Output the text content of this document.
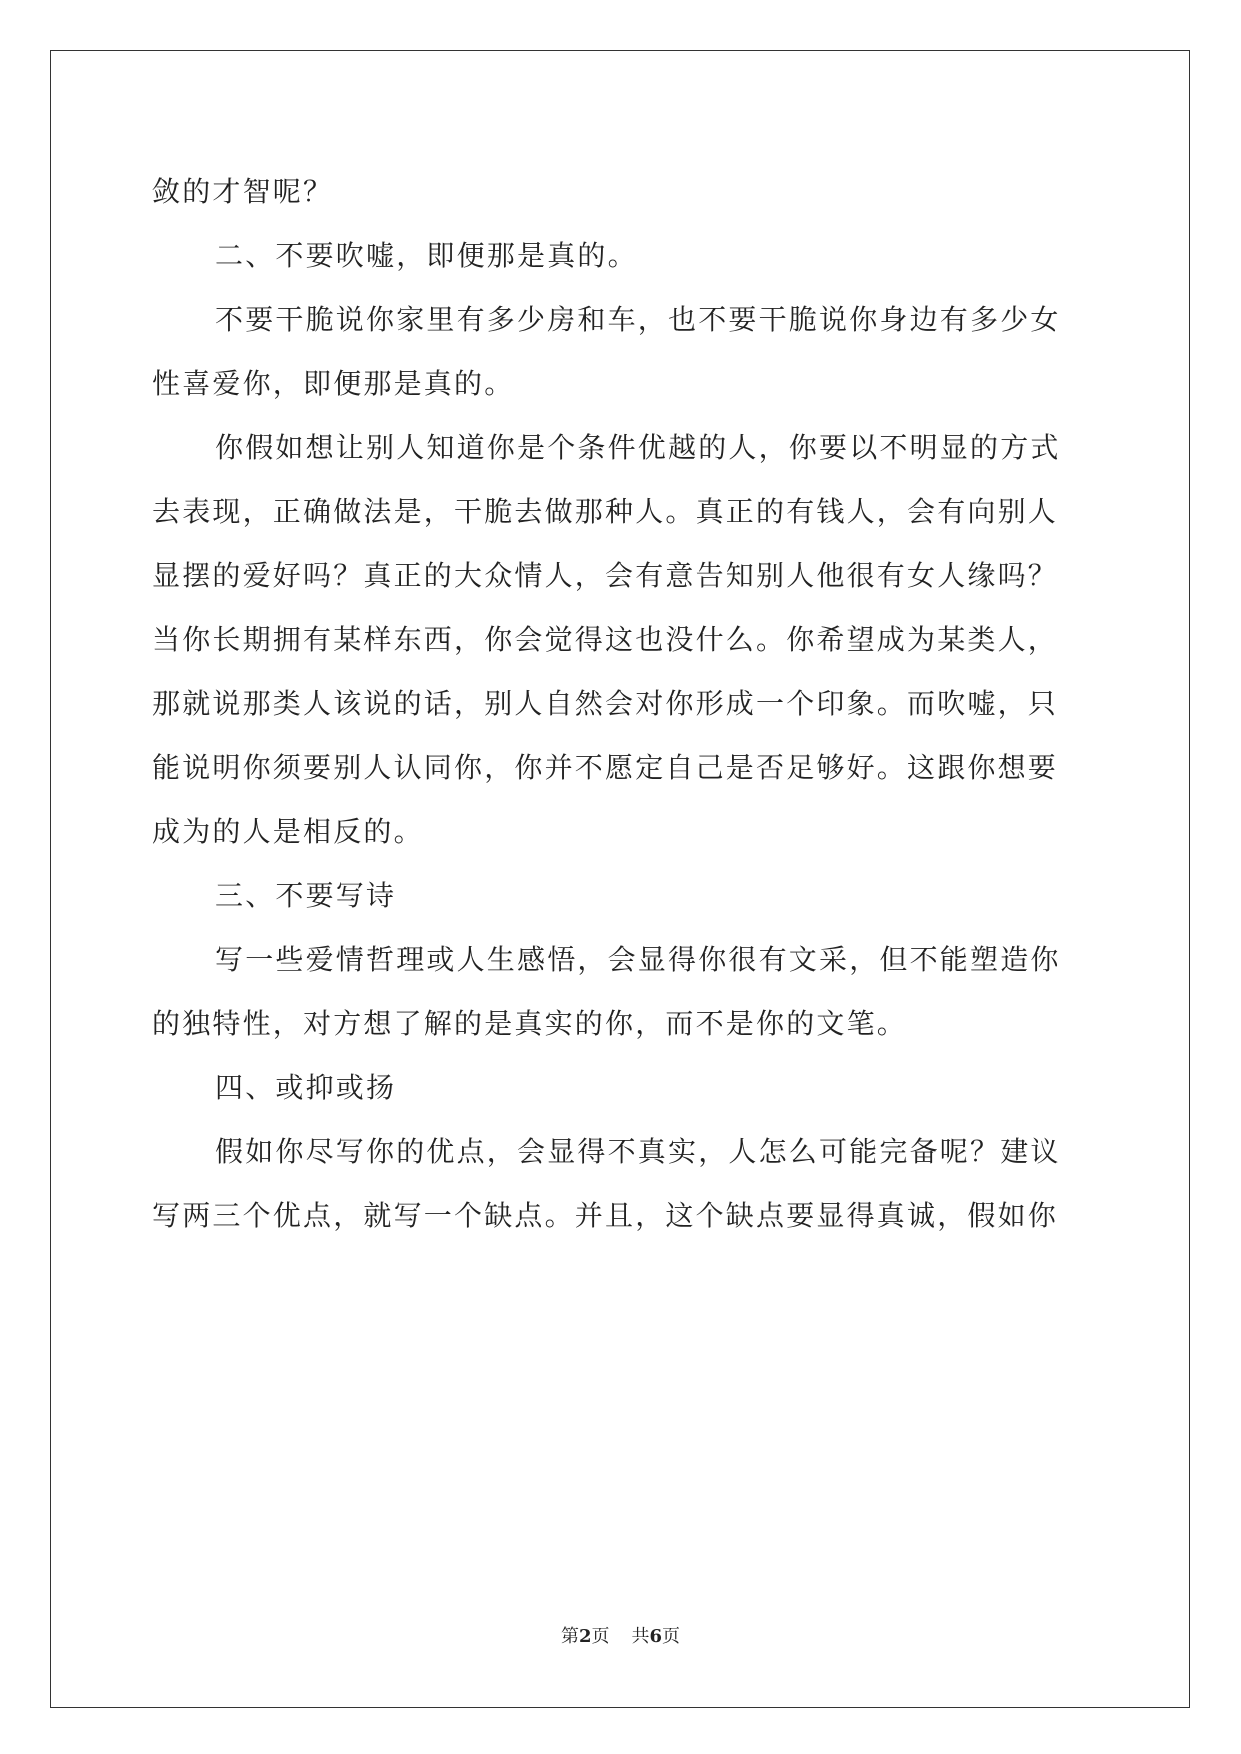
敛的才智呢？

二、不要吹嘘，即便那是真的。

不要干脆说你家里有多少房和车，也不要干脆说你身边有多少女

性喜爱你，即便那是真的。

你假如想让别人知道你是个条件优越的人，你要以不明显的方式

去表现，正确做法是，干脆去做那种人。真正的有钱人，会有向别人

显摆的爱好吗？真正的大众情人，会有意告知别人他很有女人缘吗？

当你长期拥有某样东西，你会觉得这也没什么。你希望成为某类人，

那就说那类人该说的话，别人自然会对你形成一个印象。而吹嘘，只

能说明你须要别人认同你，你并不愿定自己是否足够好。这跟你想要

成为的人是相反的。

三、不要写诗

写一些爱情哲理或人生感悟，会显得你很有文采，但不能塑造你

的独特性，对方想了解的是真实的你，而不是你的文笔。

四、或抑或扬

假如你尽写你的优点，会显得不真实，人怎么可能完备呢？建议

写两三个优点，就写一个缺点。并且，这个缺点要显得真诚，假如你

第2页 共6页
